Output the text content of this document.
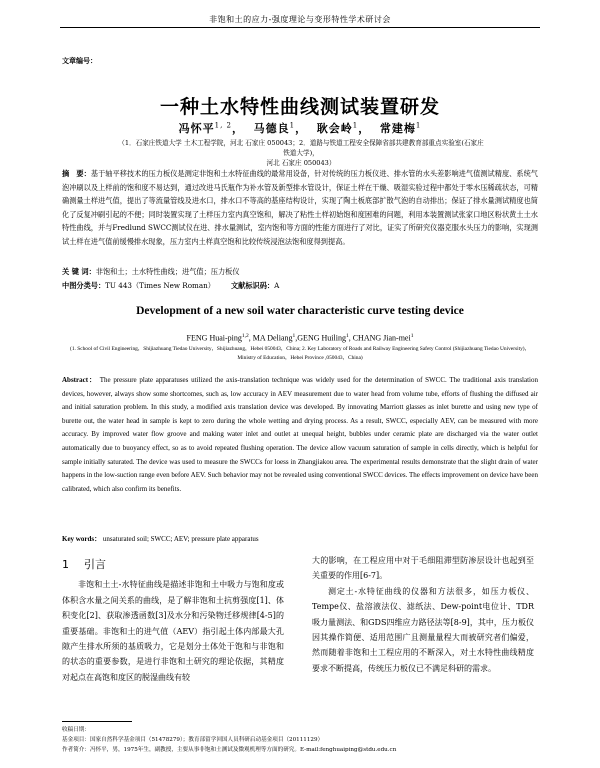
非饱和土的应力-强度理论与变形特性学术研讨会
文章编号：
一种土水特性曲线测试装置研发
冯怀平$^{1, 2}$，  马德良$^1$，  耿会岭$^1$，  常建梅$^1$
（1．石家庄铁道大学 土木工程学院，河北 石家庄 050043；2．道路与铁道工程安全保障省部共建教育部重点实验室(石家庄铁道大学)，
河北 石家庄 050043）
摘　要：基于轴平移技术的压力板仪是测定非饱和土水特征曲线的最常用设备，针对传统的压力板仪进、排水管的水头差影响进气值测试精度、系统气泡冲刷以及上样前的饱和度不易达到，通过改进马氏瓶作为补水管及新型排水管设计，保证土样在干燥、吸湿实验过程中都处于零水压稀疏状态，可精确测量土样进气值，提出了等流量管线及进水口，排水口不等高的基座结构设计，实现了陶土板底部扩散气泡的自动排出；保证了排水量测试精度也简化了反复冲刷引起的不便；同时装置实现了土样压力室内真空饱和，解决了粘性土样初始饱和度困难的问题，利用本装置测试张家口地区粉状黄土土水特性曲线，并与Fredlund SWCC测试仪在进、排水量测试，室内饱和等方面的性能方面进行了对比，证实了所研究仪器克服水头压力的影响，实现测试土样在进气值前缓慢排水现象，压力室内土样真空饱和比较传统浸泡法饱和度得到提高。
关 键 词：非饱和土；土水特性曲线；进气值；压力板仪
中图分类号：TU 443（Times New Roman） 文献标识码：A
Development of a new soil water characteristic curve testing device
FENG Huai-ping$^{1,2}$, MA Deliang$^1$,GENG Huiling$^1$, CHANG Jian-mei$^1$
(1. School of Civil Engineering，Shijiazhuang Tiedao University，Shijiazhuang，Hebei 050043，China; 2. Key Laboratory of Roads and Railway Engineering Safety Control (Shijiazhuang Tiedao University)，Ministry of Education，Hebei Province ,050043，China)
Abstract： The pressure plate apparatuses utilized the axis-translation technique was widely used for the determination of SWCC. The traditional axis translation devices, however, always show some shortcomes, such as, low accuracy in AEV measurement due to water head from volume tube, efforts of flushing the diffused air and initial saturation problem. In this study, a modified axis translation device was developed. By innovating Marriott glasses as inlet burette and using new type of burette out, the water head in sample is kept to zero during the whole wetting and drying process. As a result, SWCC, especially AEV, can be measured with more accuracy. By improved water flow groove and making water inlet and outlet at unequal height, bubbles under ceramic plate are discharged via the water outlet automatically due to buoyancy effect, so as to avoid repeated flushing operation. The device allow vacuum saturation of sample in cells directly, which is helpful for sample initially saturated. The device was used to measure the SWCCs for loess in Zhangjiakou area. The experimental results demonstrate that the slight drain of water happens in the low-suction range even before AEV. Such behavior may not be revealed using conventional SWCC devices. The effects improvement on device have been calibrated, which also confirm its benefits.
Key words： unsaturated soil; SWCC; AEV; pressure plate apparatus
1 引言

非饱和土土-水特征曲线是描述非饱和土中吸力与饱和度或体积含水量之间关系的曲线，是了解非饱和土抗剪强度[1]、体积变化[2]、获取渗透函数[3]及水分和污染物迁移规律[4-5]的重要基础。非饱和土的进气值（AEV）指引起土体内部最大孔隙产生排水所须的基质吸力，它是划分土体处于饱和与非饱和的状态的重要参数，是进行非饱和土研究的理论依据，其精度对起点在高饱和度区的脱湿曲线有较

大的影响，在工程应用中对于毛细阻滞型防渗层设计也起到至关重要的作用[6-7]。

测定土-水特征曲线的仪器和方法很多，如压力板仪、Tempe仪、盐溶液法仪、滤纸法、Dew-point电位计、TDR吸力量测法、和GDS四维应力路径法等[8-9]，其中，压力板仪因其操作简便、适用范围广且测量量程大而被研究者们偏爱，然而随着非饱和土工程应用的不断深入，对土水特性曲线精度要求不断提高，传统压力板仪已不满足科研的需求。

收稿日期：
基金项目：国家自然科学基金项目（51478279）；教育部留学回国人员科研启动基金项目（20111129）
作者简介：冯怀平，男，1975年生，副教授，主要从事非饱和土测试及微观机理等方面的研究。E-mail:fenghuaiping@stdu.edu.cn
